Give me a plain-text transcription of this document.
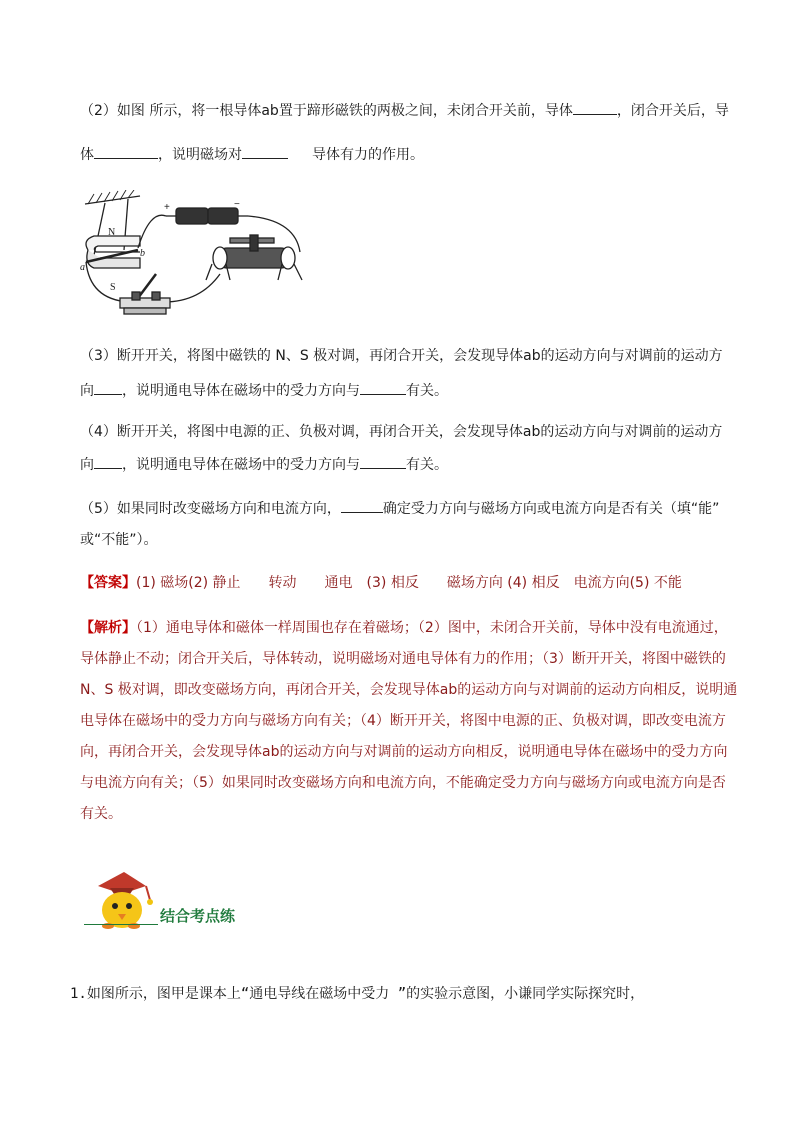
（2）如图 所示，将一根导体ab置于蹄形磁铁的两极之间，未闭合开关前，导体	，闭合开关后，导
体	，说明磁场对	导体有力的作用。
N
S
a
b
+	−
（3）断开开关，将图中磁铁的 N、S 极对调，再闭合开关，会发现导体ab的运动方向与对调前的运动方
向 ，说明通电导体在磁场中的受力方向与	有关。
（4）断开开关，将图中电源的正、负极对调，再闭合开关，会发现导体ab的运动方向与对调前的运动方
向 ，说明通电导体在磁场中的受力方向与	有关。
（5）如果同时改变磁场方向和电流方向，	确定受力方向与磁场方向或电流方向是否有关（填“能”
或“不能”）。
【答案】(1) 磁场(2) 静止　　转动　　通电　(3) 相反　　磁场方向 (4) 相反　电流方向(5) 不能
【解析】（1）通电导体和磁体一样周围也存在着磁场；（2）图中，未闭合开关前，导体中没有电流通过，
导体静止不动；闭合开关后，导体转动，说明磁场对通电导体有力的作用；（3）断开开关，将图中磁铁的
N、S 极对调，即改变磁场方向，再闭合开关，会发现导体ab的运动方向与对调前的运动方向相反，说明通
电导体在磁场中的受力方向与磁场方向有关；（4）断开开关，将图中电源的正、负极对调，即改变电流方
向，再闭合开关，会发现导体ab的运动方向与对调前的运动方向相反，说明通电导体在磁场中的受力方向
与电流方向有关；（5）如果同时改变磁场方向和电流方向，不能确定受力方向与磁场方向或电流方向是否
有关。
结合考点练
1.如图所示，图甲是课本上“通电导线在磁场中受力 ”的实验示意图，小谦同学实际探究时，
